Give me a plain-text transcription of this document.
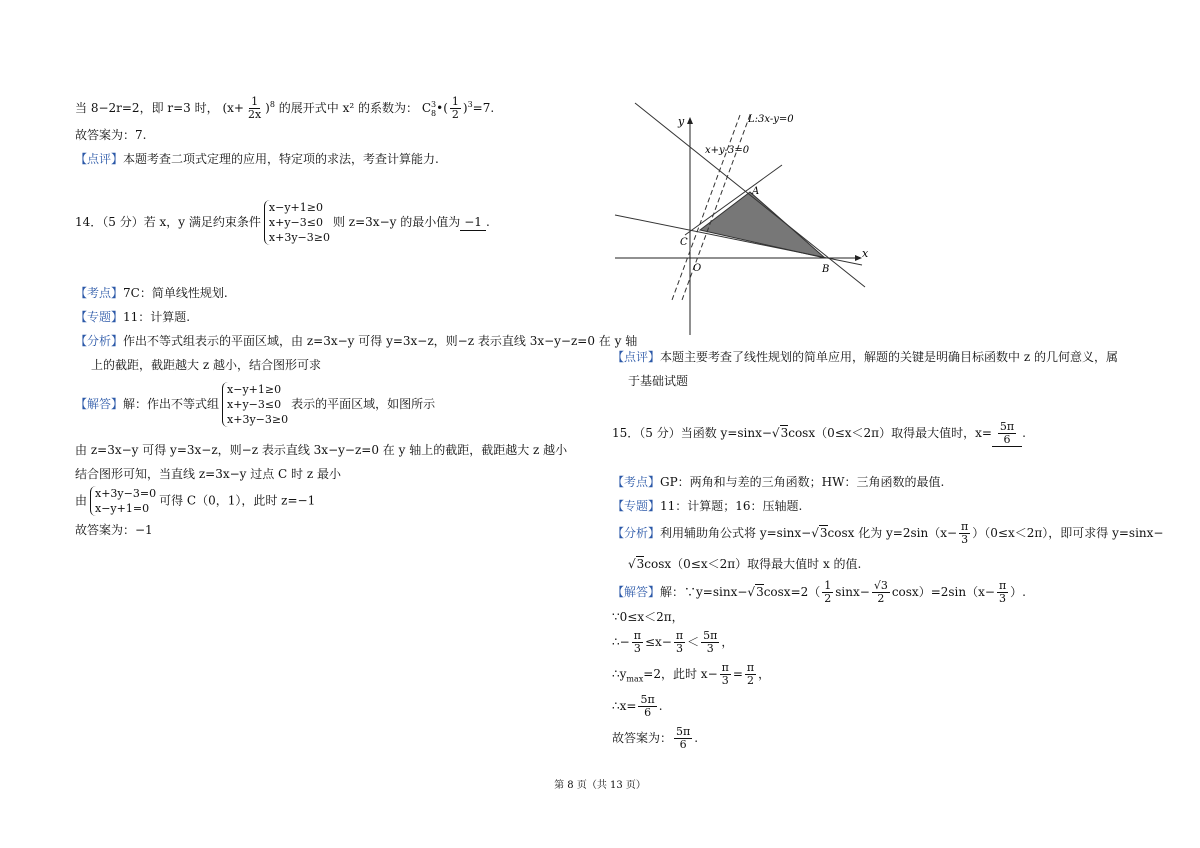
当 8−2r=2，即 r=3 时， $(x+ \frac{1}{2x} )^8$ 的展开式中 x² 的系数为： C 3
8 •( $\frac{1}{2} )^3=7$.
故答案为：7.
【点评】本题考查二项式定理的应用，特定项的求法，考查计算能力.
14．（5 分）若 x，y 满足约束条件
x−y+1≥0
x+y−3≤0
x+3y−3≥0
则 z=3x−y 的最小值为 −1 .
【考点】7C：简单线性规划.
【专题】11：计算题.
【分析】作出不等式组表示的平面区域，由 z=3x−y 可得 y=3x−z，则−z 表示直线 3x−y−z=0 在 y 轴
上的截距，截距越大 z 越小，结合图形可求
【解答】解：作出不等式组
x−y+1≥0
x+y−3≤0
x+3y−3≥0
表示的平面区域，如图所示
由 z=3x−y 可得 y=3x−z，则−z 表示直线 3x−y−z=0 在 y 轴上的截距，截距越大 z 越小
结合图形可知，当直线 z=3x−y 过点 C 时 z 最小
由 x+3y−3=0
x−y+1=0
可得 C（0，1），此时 z=−1
故答案为：−1
y
x
O
A
B
C
L:3x-y=0
x+y-3=0
【点评】本题主要考查了线性规划的简单应用，解题的关键是明确目标函数中 z 的几何意义，属
于基础试题
15．（5 分）当函数 y=sinx−√3cosx（0≤x＜2π）取得最大值时，$x= \frac{5\pi}{6}$ .
【考点】GP：两角和与差的三角函数；HW：三角函数的最值.
【专题】11：计算题；16：压轴题.
【分析】利用辅助角公式将 y=sinx−√3cosx 化为 $y=2\sin(x- \frac{\pi}{3} )(0\le x<2\pi)$，即可求得 y=sinx−
√3cosx（0≤x＜2π）取得最大值时 x 的值.
【解答】解：∵y=sinx−√3cosx=2（ $\frac{1}{2} \sin x- \frac{√3}{2} \cos x)=2\sin(x- \frac{\pi}{3}$ ）.
∵0≤x＜2π，
∴− $\frac{\pi}{3} \le x- \frac{\pi}{3} < \frac{5\pi}{3}$ ，
$\therefore y_{max}=2$，此时 $x- \frac{\pi}{3} = \frac{\pi}{2}$ ，
∴x= $\frac{5\pi}{6}$ .
故答案为： $\frac{5\pi}{6}$ .
第 8 页（共 13 页）
